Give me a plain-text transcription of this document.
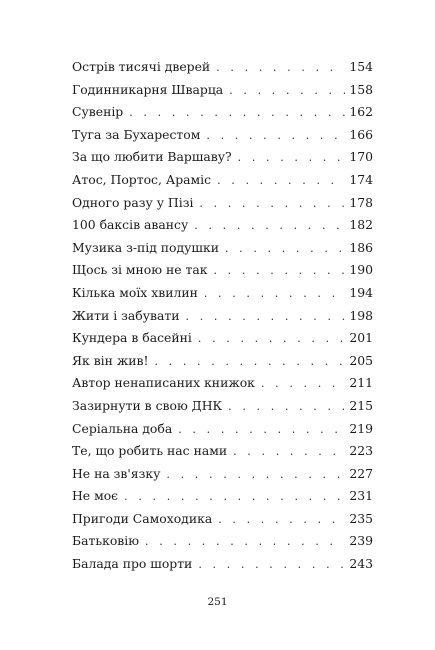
Острів тисячі дверей . . .	154
Годинникарня Шварца . . .	158
Сувенір . . .	162
Туга за Бухарестом . . .	166
За що любити Варшаву? . . .	170
Атос, Портос, Араміс . . .	174
Одного разу у Пізі . . .	178
100 баксів авансу . . .	182
Музика з-під подушки . . .	186
Щось зі мною не так . . .	190
Кілька моїх хвилин . . .	194
Жити і забувати . . .	198
Кундера в басейні . . .	201
Як він жив! . . .	205
Автор ненаписаних книжок . . .	211
Зазирнути в свою ДНК . . .	215
Серіальна доба . . .	219
Те, що робить нас нами . . .	223
Не на зв'язку . . .	227
Не моє . . .	231
Пригоди Самоходика . . .	235
Батьковію . . .	239
Балада про шорти . . .	243
251
